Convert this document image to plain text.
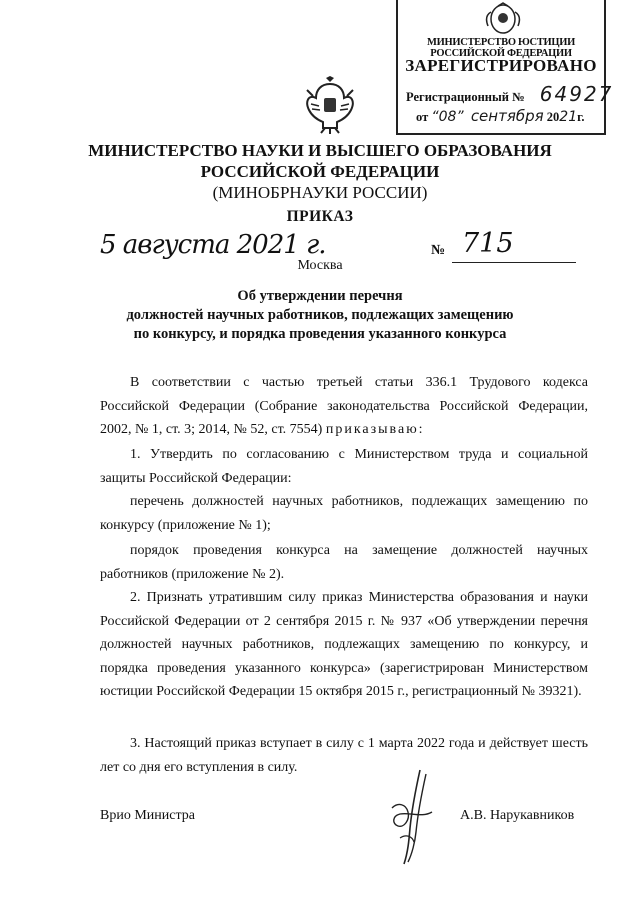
МИНИСТЕРСТВО ЮСТИЦИИ РОССИЙСКОЙ ФЕДЕРАЦИИ
ЗАРЕГИСТРИРОВАНО
Регистрационный № 64927
от “08” сентября 2021г.
МИНИСТЕРСТВО НАУКИ И ВЫСШЕГО ОБРАЗОВАНИЯ
РОССИЙСКОЙ ФЕДЕРАЦИИ
(МИНОБРНАУКИ РОССИИ)
ПРИКАЗ
5 августа 2021 г.	№ 715
Москва
Об утверждении перечня
должностей научных работников, подлежащих замещению
по конкурсу, и порядка проведения указанного конкурса
В соответствии с частью третьей статьи 336.1 Трудового кодекса Российской Федерации (Собрание законодательства Российской Федерации, 2002, № 1, ст. 3; 2014, № 52, ст. 7554) приказываю:
1. Утвердить по согласованию с Министерством труда и социальной защиты Российской Федерации:
перечень должностей научных работников, подлежащих замещению по конкурсу (приложение № 1);
порядок проведения конкурса на замещение должностей научных работников (приложение № 2).
2. Признать утратившим силу приказ Министерства образования и науки Российской Федерации от 2 сентября 2015 г. № 937 «Об утверждении перечня должностей научных работников, подлежащих замещению по конкурсу, и порядка проведения указанного конкурса» (зарегистрирован Министерством юстиции Российской Федерации 15 октября 2015 г., регистрационный № 39321).
3. Настоящий приказ вступает в силу с 1 марта 2022 года и действует шесть лет со дня его вступления в силу.
Врио Министра	А.В. Нарукавников
